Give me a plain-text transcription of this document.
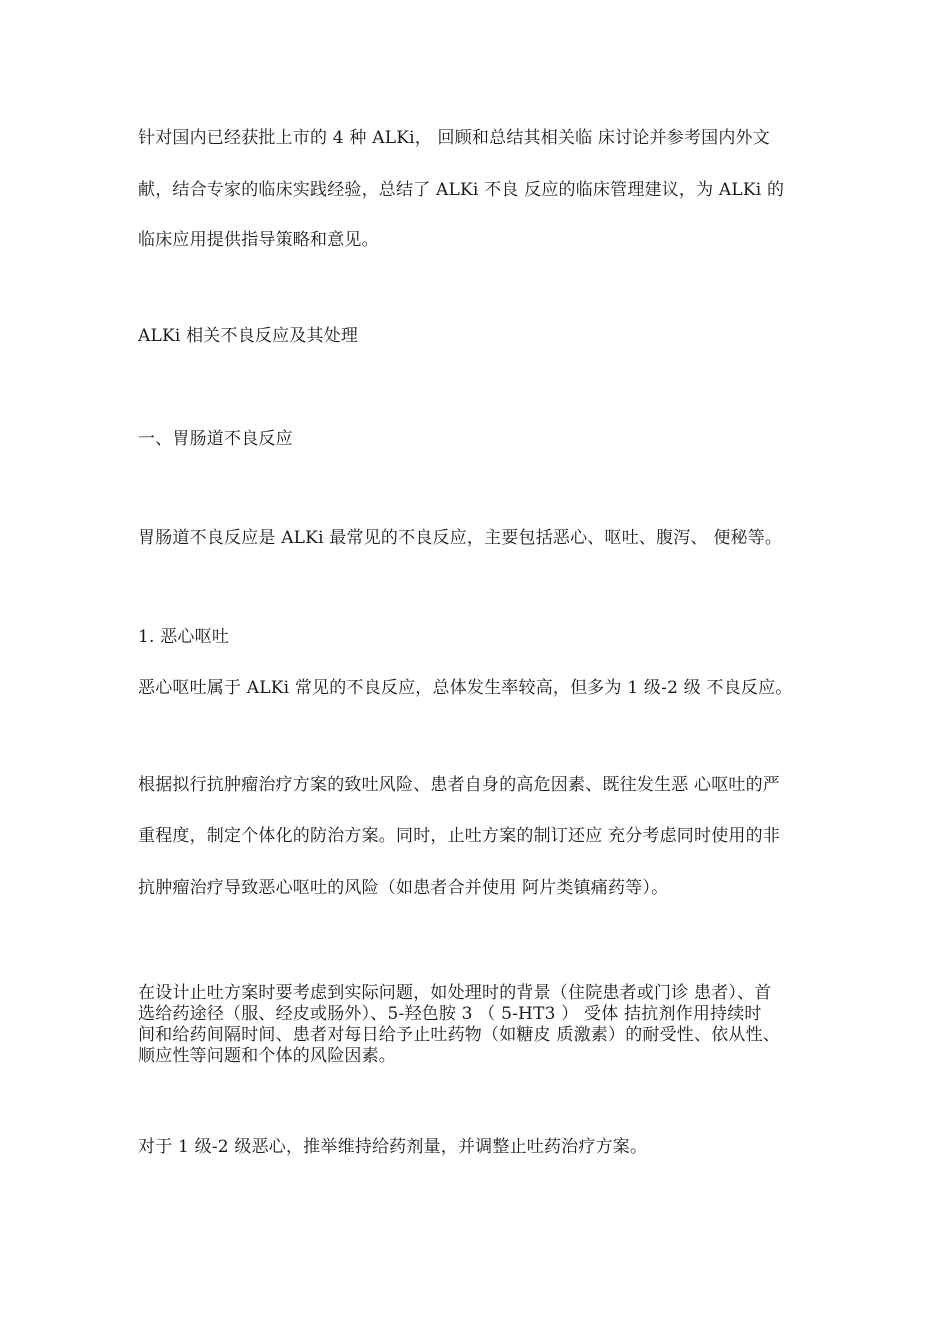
针对国内已经获批上市的 4 种 ALKi， 回顾和总结其相关临 床讨论并参考国内外文

献，结合专家的临床实践经验，总结了 ALKi 不良 反应的临床管理建议，为 ALKi 的

临床应用提供指导策略和意见。

ALKi 相关不良反应及其处理

一、胃肠道不良反应

胃肠道不良反应是 ALKi 最常见的不良反应，主要包括恶心、呕吐、腹泻、 便秘等。

1. 恶心呕吐

恶心呕吐属于 ALKi 常见的不良反应，总体发生率较高，但多为 1 级-2 级 不良反应。

根据拟行抗肿瘤治疗方案的致吐风险、患者自身的高危因素、既往发生恶 心呕吐的严

重程度，制定个体化的防治方案。同时，止吐方案的制订还应 充分考虑同时使用的非

抗肿瘤治疗导致恶心呕吐的风险（如患者合并使用 阿片类镇痛药等）。

在设计止吐方案时要考虑到实际问题，如处理时的背景（住院患者或门诊 患者）、首

选给药途径（服、经皮或肠外）、5-羟色胺 3 （ 5-HT3 ） 受体 拮抗剂作用持续时

间和给药间隔时间、患者对每日给予止吐药物（如糖皮 质激素）的耐受性、依从性、

顺应性等问题和个体的风险因素。

对于 1 级-2 级恶心，推举维持给药剂量，并调整止吐药治疗方案。
